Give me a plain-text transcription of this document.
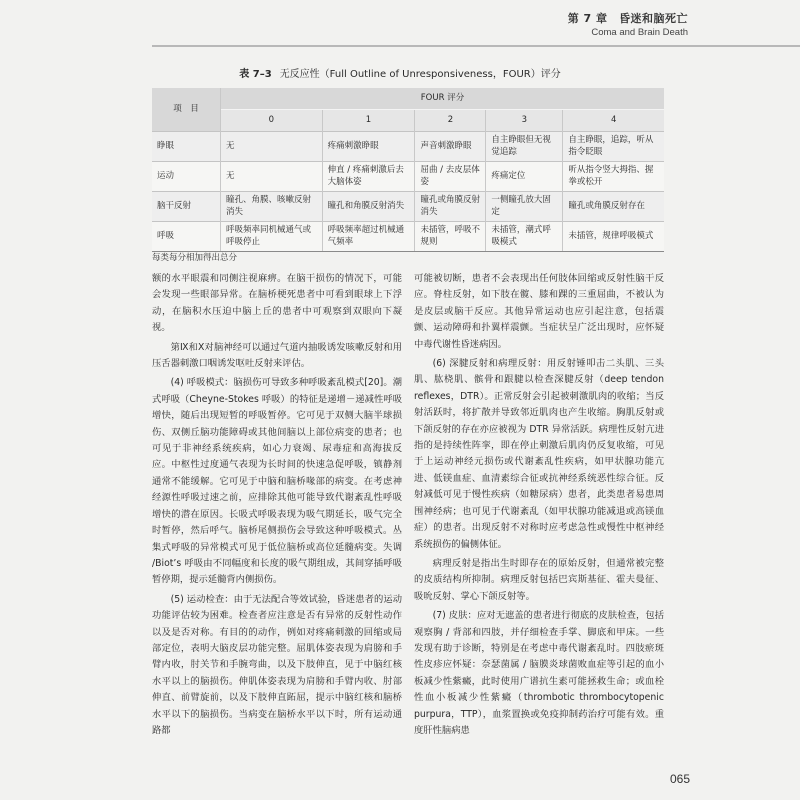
第 7 章　昏迷和脑死亡
Coma and Brain Death
表 7–3 无反应性（Full Outline of Unresponsiveness，FOUR）评分
项　目	FOUR 评分				
	0	1	2	3	4
睁眼	无	疼痛刺激睁眼	声音刺激睁眼	自主睁眼但无视觉追踪	自主睁眼，追踪，听从指令眨眼
运动	无	伸直 / 疼痛刺激后去大脑体姿	屈曲 / 去皮层体姿	疼痛定位	听从指令竖大拇指、握拳或松开
脑干反射	瞳孔、角膜、咳嗽反射消失	瞳孔和角膜反射消失	瞳孔或角膜反射消失	一侧瞳孔放大固定	瞳孔或角膜反射存在
呼吸	呼吸频率同机械通气或呼吸停止	呼吸频率超过机械通气频率	未插管，呼吸不规则	未插管，潮式呼吸模式	未插管，规律呼吸模式
每类每分相加得出总分

额的水平眼震和同侧注视麻痹。在脑干损伤的情况下，可能会发现一些眼部异常。在脑桥梗死患者中可看到眼球上下浮动，在脑积水压迫中脑上丘的患者中可观察到双眼向下凝视。

第Ⅸ和Ⅹ对脑神经可以通过气道内抽吸诱发咳嗽反射和用压舌器刺激口咽诱发呕吐反射来评估。

(4) 呼吸模式：脑损伤可导致多种呼吸紊乱模式[20]。潮式呼吸（Cheyne-Stokes 呼吸）的特征是递增－递减性呼吸增快，随后出现短暂的呼吸暂停。它可见于双侧大脑半球损伤、双侧丘脑功能障碍或其他间脑以上部位病变的患者；也可见于非神经系统疾病，如心力衰竭、尿毒症和高海拔反应。中枢性过度通气表现为长时间的快速急促呼吸，镇静剂通常不能缓解。它可见于中脑和脑桥喙部的病变。在考虑神经源性呼吸过速之前，应排除其他可能导致代谢紊乱性呼吸增快的潜在原因。长吸式呼吸表现为吸气期延长，吸气完全时暂停，然后呼气。脑桥尾侧损伤会导致这种呼吸模式。丛集式呼吸的异常模式可见于低位脑桥或高位延髓病变。失调 /Biot’s 呼吸由不同幅度和长度的吸气期组成，其间穿插呼吸暂停期，提示延髓背内侧损伤。

(5) 运动检查：由于无法配合等效试验，昏迷患者的运动功能评估较为困难。检查者应注意是否有异常的反射性动作以及是否对称。有目的的动作，例如对疼痛刺激的回缩或局部定位，表明大脑皮层功能完整。屈肌体姿表现为肩膀和手臂内收，肘关节和手腕弯曲，以及下肢伸直，见于中脑红核水平以上的脑损伤。伸肌体姿表现为肩膀和手臂内收、肘部伸直、前臂旋前，以及下肢伸直跖屈，提示中脑红核和脑桥水平以下的脑损伤。当病变在脑桥水平以下时，所有运动通路都

可能被切断，患者不会表现出任何肢体回缩或反射性脑干反应。脊柱反射，如下肢在髋、膝和踝的三重屈曲，不被认为是皮层或脑干反应。其他异常运动也应引起注意，包括震颤、运动障碍和扑翼样震颤。当症状呈广泛出现时，应怀疑中毒代谢性昏迷病因。

(6) 深腱反射和病理反射：用反射锤叩击二头肌、三头肌、肱桡肌、髌骨和跟腱以检查深腱反射（deep tendon reflexes，DTR）。正常反射会引起被刺激肌肉的收缩；当反射活跃时，将扩散并导致邻近肌肉也产生收缩。胸肌反射或下颌反射的存在亦应被视为 DTR 异常活跃。病理性反射亢进指的是持续性阵挛，即在停止刺激后肌肉仍反复收缩，可见于上运动神经元损伤或代谢紊乱性疾病，如甲状腺功能亢进、低镁血症、血清素综合征或抗神经系统恶性综合征。反射减低可见于慢性疾病（如糖尿病）患者，此类患者易患周围神经病；也可见于代谢紊乱（如甲状腺功能减退或高镁血症）的患者。出现反射不对称时应考虑急性或慢性中枢神经系统损伤的偏侧体征。

病理反射是指出生时即存在的原始反射，但通常被完整的皮质结构所抑制。病理反射包括巴宾斯基征、霍夫曼征、吸吮反射、掌心下颌反射等。

(7) 皮肤：应对无遮盖的患者进行彻底的皮肤检查，包括观察胸 / 背部和四肢，并仔细检查手掌、脚底和甲床。一些发现有助于诊断，特别是在考虑中毒代谢紊乱时。四肢瘀斑性皮疹应怀疑：奈瑟菌属 / 脑膜炎球菌败血症等引起的血小板减少性紫癜，此时使用广谱抗生素可能拯救生命；或血栓性血小板减少性紫癜（thrombotic thrombocytopenic purpura，TTP），血浆置换或免疫抑制药治疗可能有效。重度肝性脑病患

065
